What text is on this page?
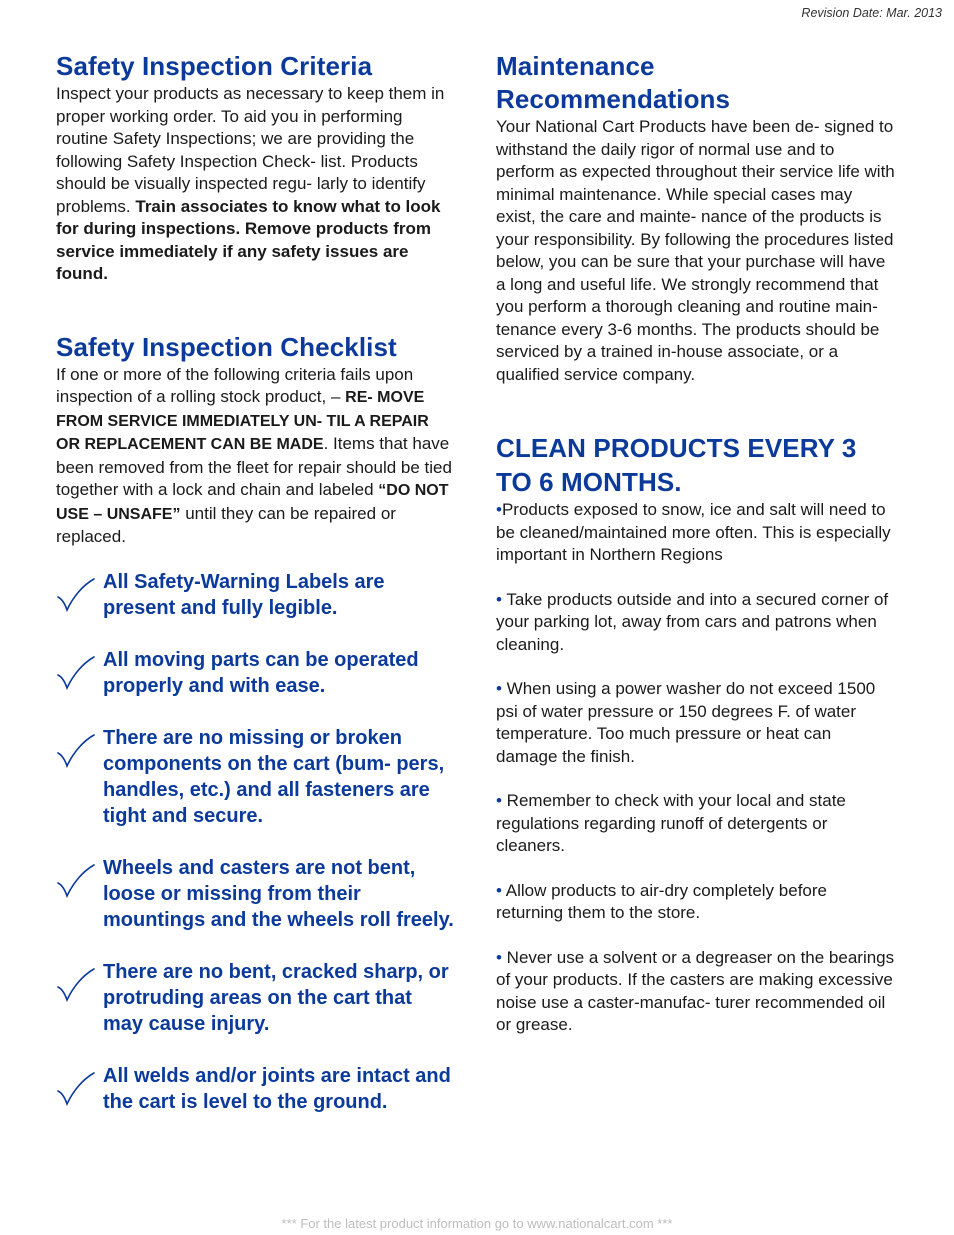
Revision Date: Mar. 2013
Safety Inspection Criteria

Inspect your products as necessary to keep them in proper working order. To aid you in performing routine Safety Inspections; we are providing the following Safety Inspection Check- list. Products should be visually inspected regu- larly to identify problems. Train associates to know what to look for during inspections. Remove products from service immediately if any safety issues are found.

Safety Inspection Checklist

If one or more of the following criteria fails upon inspection of a rolling stock product, – RE- MOVE FROM SERVICE IMMEDIATELY UN- TIL A REPAIR OR REPLACEMENT CAN BE MADE. Items that have been removed from the fleet for repair should be tied together with a lock and chain and labeled “DO NOT USE – UNSAFE” until they can be repaired or replaced.

All Safety-Warning Labels are present and fully legible.
All moving parts can be operated properly and with ease.
There are no missing or broken components on the cart (bum- pers, handles, etc.) and all fasteners are tight and secure.
Wheels and casters are not bent, loose or missing from their mountings and the wheels roll freely.
There are no bent, cracked sharp, or protruding areas on the cart that may cause injury.
All welds and/or joints are intact and the cart is level to the ground.
Maintenance Recommendations

Your National Cart Products have been de- signed to withstand the daily rigor of normal use and to perform as expected throughout their service life with minimal maintenance. While special cases may exist, the care and mainte- nance of the products is your responsibility. By following the procedures listed below, you can be sure that your purchase will have a long and useful life. We strongly recommend that you perform a thorough cleaning and routine main- tenance every 3-6 months. The products should be serviced by a trained in-house associate, or a qualified service company.

CLEAN PRODUCTS EVERY 3 TO 6 MONTHS.

•Products exposed to snow, ice and salt will need to be cleaned/maintained more often. This is especially important in Northern Regions

• Take products outside and into a secured corner of your parking lot, away from cars and patrons when cleaning.

• When using a power washer do not exceed 1500 psi of water pressure or 150 degrees F. of water temperature. Too much pressure or heat can damage the finish.

• Remember to check with your local and state regulations regarding runoff of detergents or cleaners.

• Allow products to air-dry completely before returning them to the store.

• Never use a solvent or a degreaser on the bearings of your products. If the casters are making excessive noise use a caster-manufac- turer recommended oil or grease.

*** For the latest product information go to www.nationalcart.com ***
